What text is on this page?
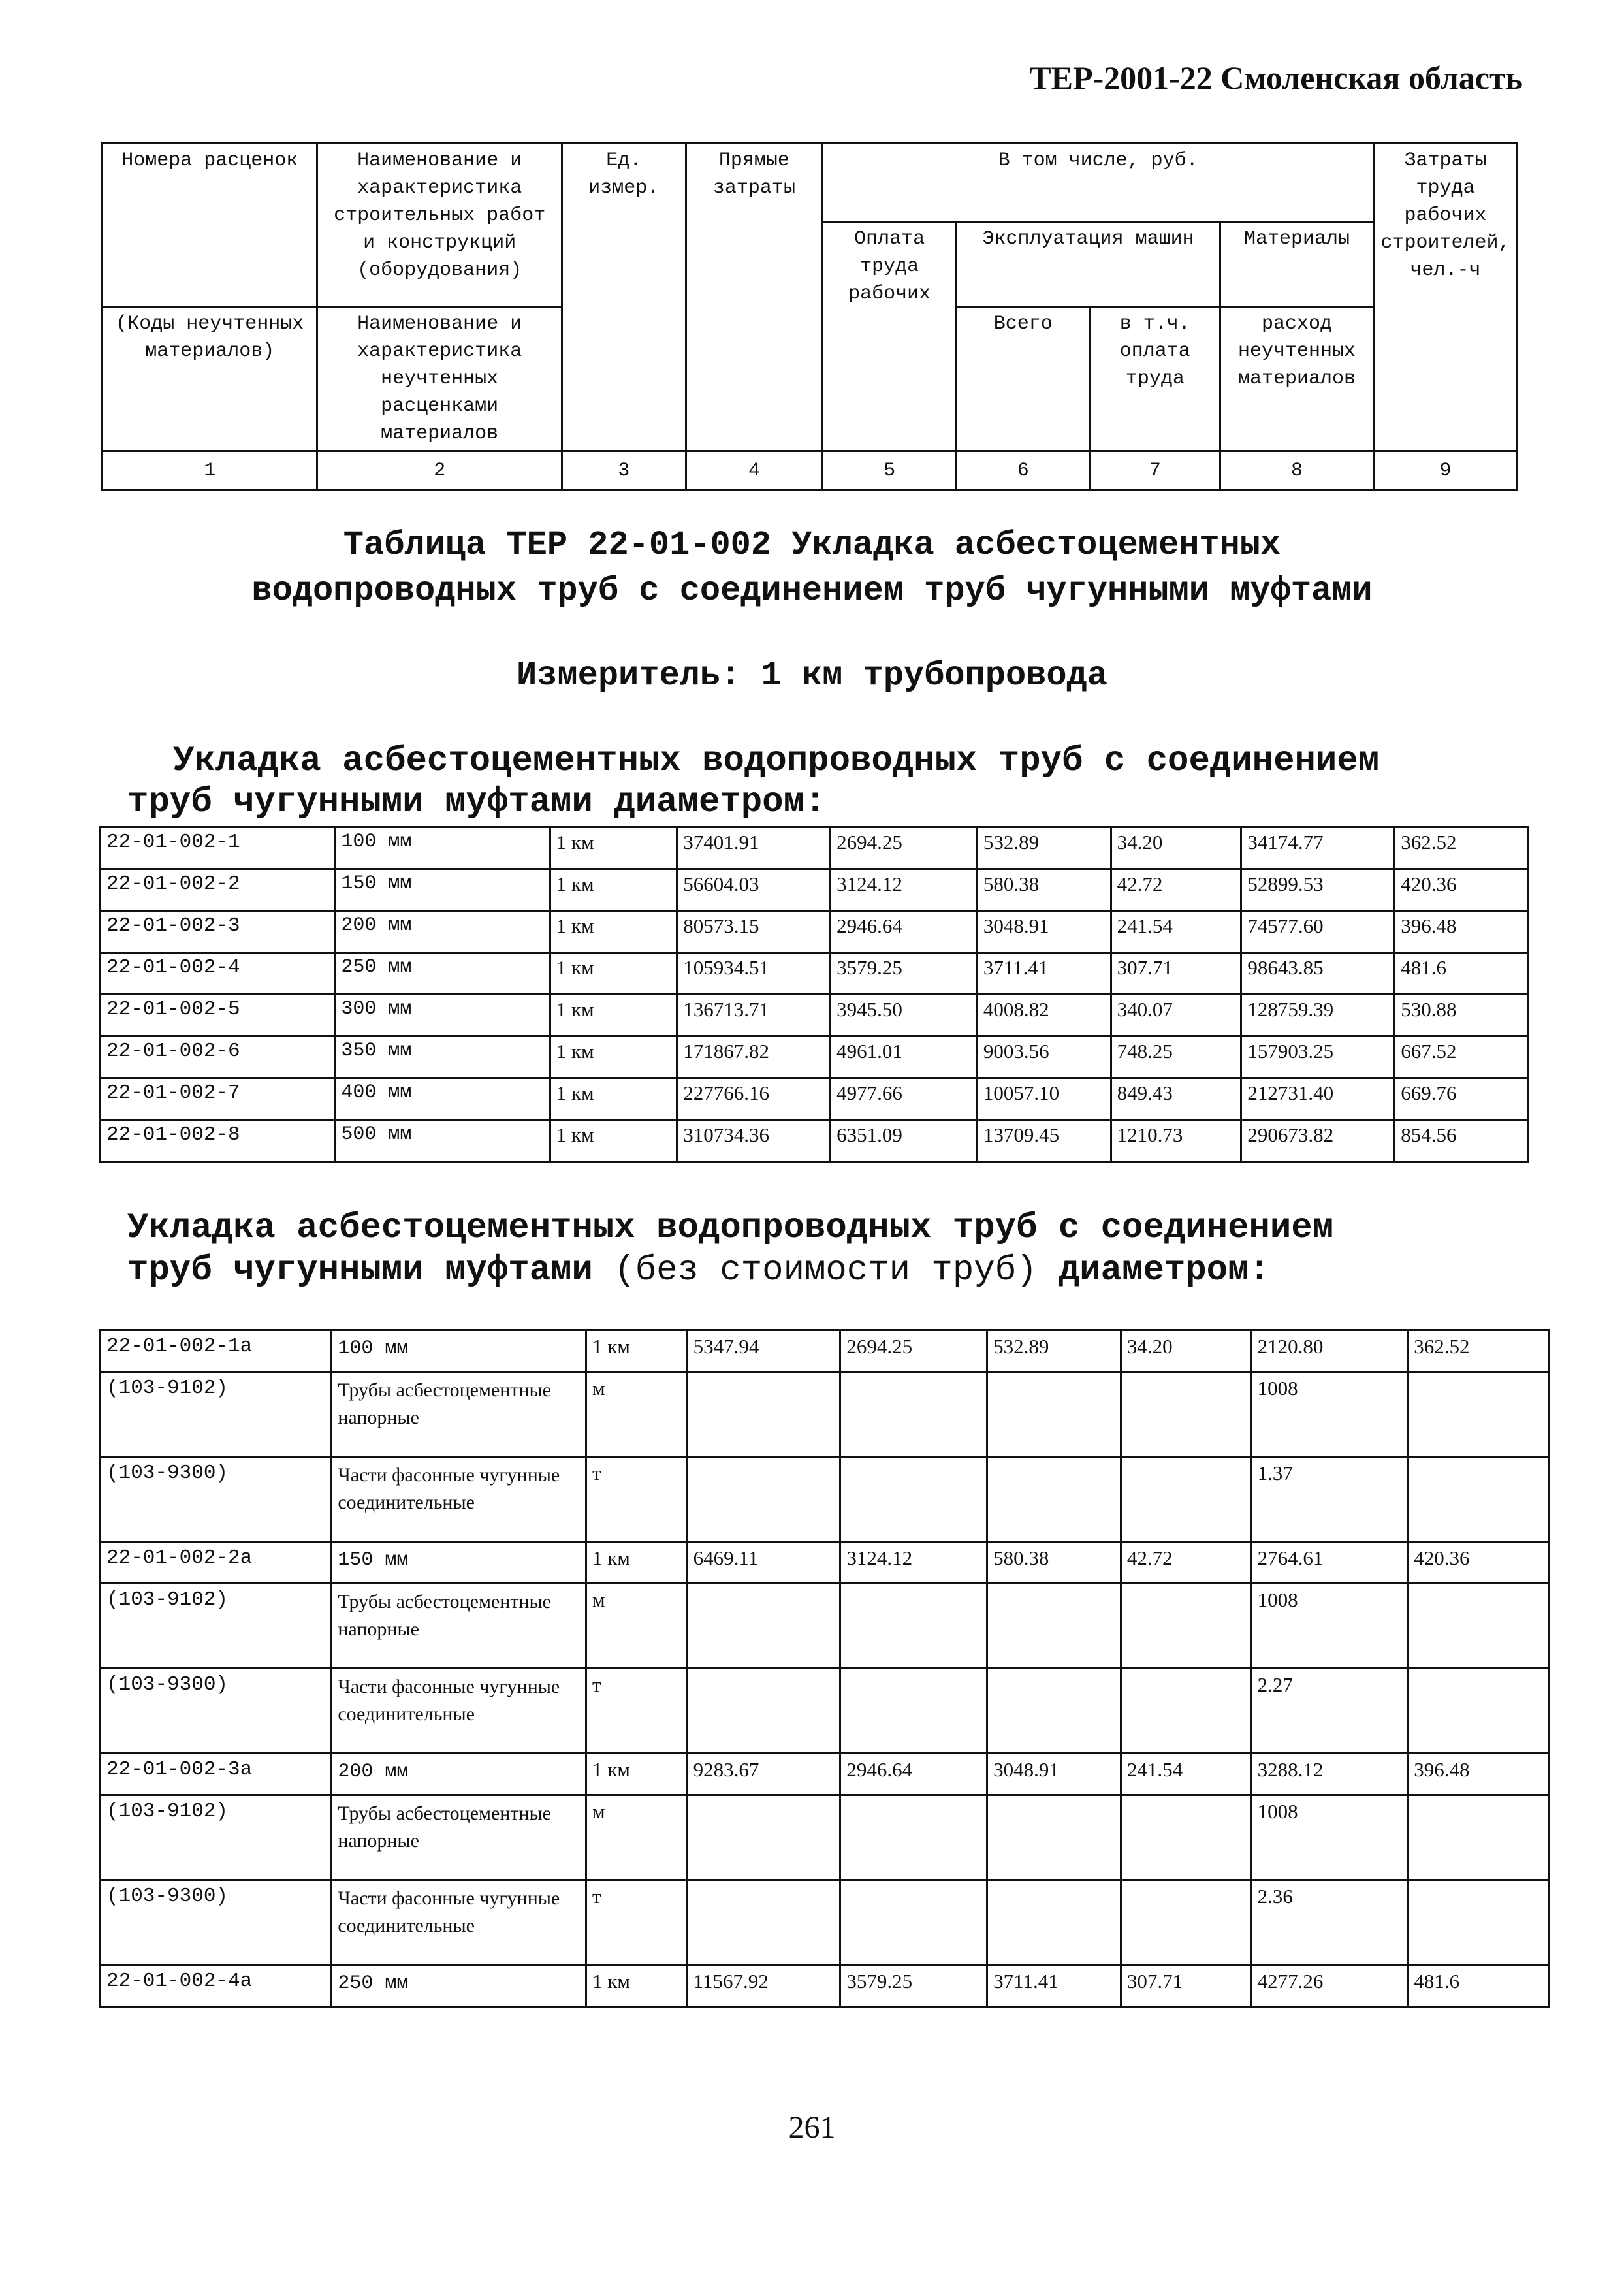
ТЕР-2001-22 Смоленская область
Номера расценок	Наименование и характеристика строительных работ и конструкций (оборудования)	Ед. измер.	Прямые затраты	В том числе, руб.				Затраты труда рабочих строителей, чел.-ч
				Оплата труда рабочих	Эксплуатация машин		Материалы	
(Коды неучтенных материалов)	Наименование и характеристика неучтенных расценками материалов				Всего	в т.ч. оплата труда	расход неучтенных материалов	

1	2	3	4	5	6	7	8	9
Таблица ТЕР 22-01-002 Укладка асбестоцементных
водопроводных труб с соединением труб чугунными муфтами
Измеритель: 1 км трубопровода
Укладка асбестоцементных водопроводных труб с соединением
труб чугунными муфтами диаметром:
22-01-002-1	100 мм	1 км	37401.91	2694.25	532.89	34.20	34174.77	362.52
22-01-002-2	150 мм	1 км	56604.03	3124.12	580.38	42.72	52899.53	420.36
22-01-002-3	200 мм	1 км	80573.15	2946.64	3048.91	241.54	74577.60	396.48
22-01-002-4	250 мм	1 км	105934.51	3579.25	3711.41	307.71	98643.85	481.6
22-01-002-5	300 мм	1 км	136713.71	3945.50	4008.82	340.07	128759.39	530.88
22-01-002-6	350 мм	1 км	171867.82	4961.01	9003.56	748.25	157903.25	667.52
22-01-002-7	400 мм	1 км	227766.16	4977.66	10057.10	849.43	212731.40	669.76
22-01-002-8	500 мм	1 км	310734.36	6351.09	13709.45	1210.73	290673.82	854.56
Укладка асбестоцементных водопроводных труб с соединением
труб чугунными муфтами (без стоимости труб) диаметром:
22-01-002-1а	100 мм	1 км	5347.94	2694.25	532.89	34.20	2120.80	362.52
(103-9102)	Трубы асбестоцементные напорные	м					1008	
(103-9300)	Части фасонные чугунные соединительные	т					1.37	
22-01-002-2а	150 мм	1 км	6469.11	3124.12	580.38	42.72	2764.61	420.36
(103-9102)	Трубы асбестоцементные напорные	м					1008	
(103-9300)	Части фасонные чугунные соединительные	т					2.27	
22-01-002-3а	200 мм	1 км	9283.67	2946.64	3048.91	241.54	3288.12	396.48
(103-9102)	Трубы асбестоцементные напорные	м					1008	
(103-9300)	Части фасонные чугунные соединительные	т					2.36	
22-01-002-4а	250 мм	1 км	11567.92	3579.25	3711.41	307.71	4277.26	481.6
261
